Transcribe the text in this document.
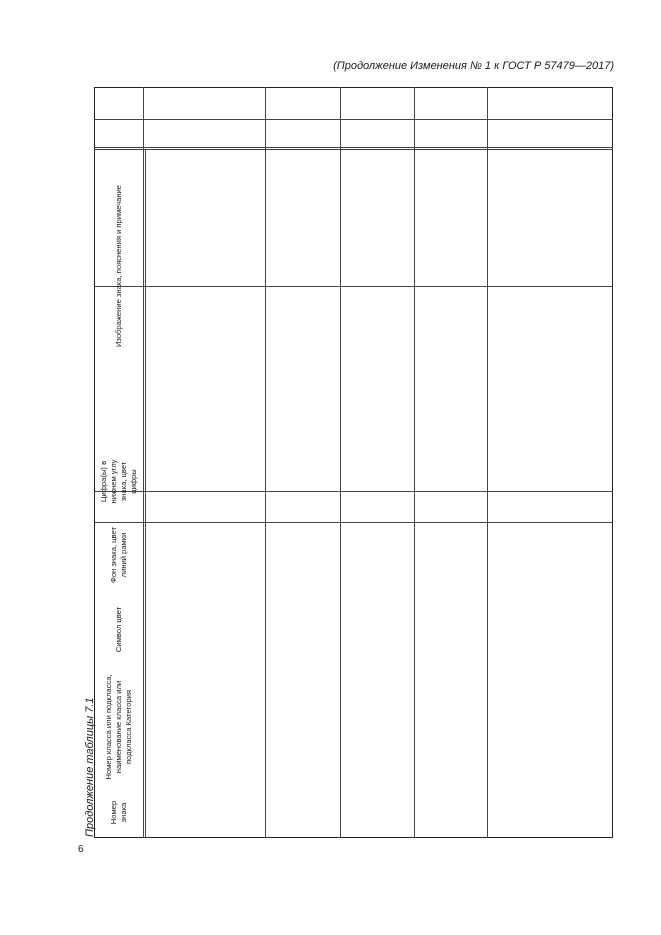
(Продолжение Изменения № 1 к ГОСТ Р 57479—2017)
6
Продолжение таблицы 7.1	Номер знака
Номер класса или подкласса, наименование класса или подкласса Категория
Символ цвет
Фон знака, цвет линий рамки
Цифра(ы) в нижнем углу знака, цвет цифры
Изображение знака, пояснения и примечание
